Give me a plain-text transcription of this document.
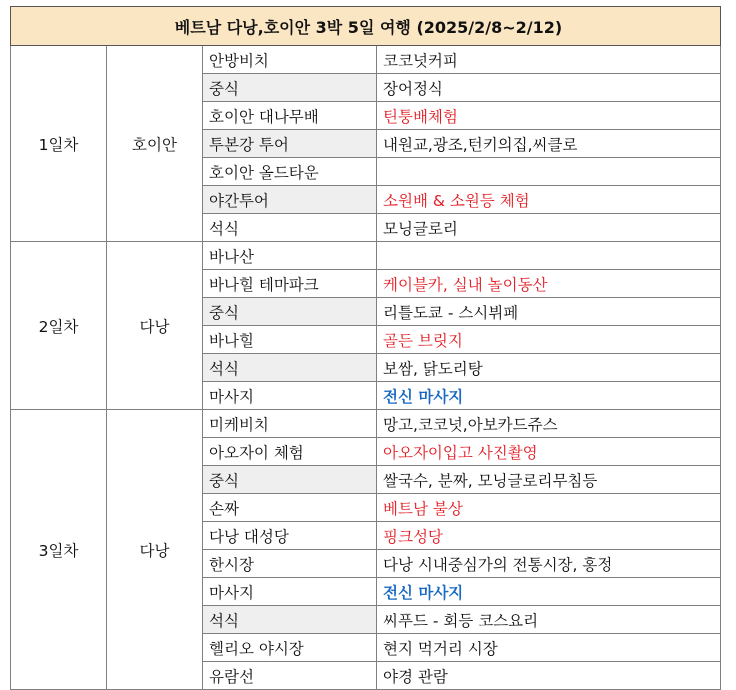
베트남 다낭,호이안 3박 5일 여행 (2025/2/8~2/12)			
1일차	호이안	안방비치	코코넛커피
		중식	장어정식
		호이안 대나무배	틴퉁배체험
		투본강 투어	내원교,광조,턴키의집,씨클로
		호이안 올드타운	
		야간투어	소원배 & 소원등 체험
		석식	모닝글로리
2일차	다낭	바나산	
		바나힐 테마파크	케이블카, 실내 놀이동산
		중식	리틀도쿄 - 스시뷔페
		바나힐	골든 브릿지
		석식	보쌈, 닭도리탕
		마사지	전신 마사지
3일차	다낭	미케비치	망고,코코넛,아보카드쥬스
		아오자이 체험	아오자이입고 사진촬영
		중식	쌀국수, 분짜, 모닝글로리무침등
		손짜	베트남 불상
		다낭 대성당	핑크성당
		한시장	다낭 시내중심가의 전통시장, 홍정
		마사지	전신 마사지
		석식	씨푸드 - 회등 코스요리
		헬리오 야시장	현지 먹거리 시장
		유람선	야경 관람
